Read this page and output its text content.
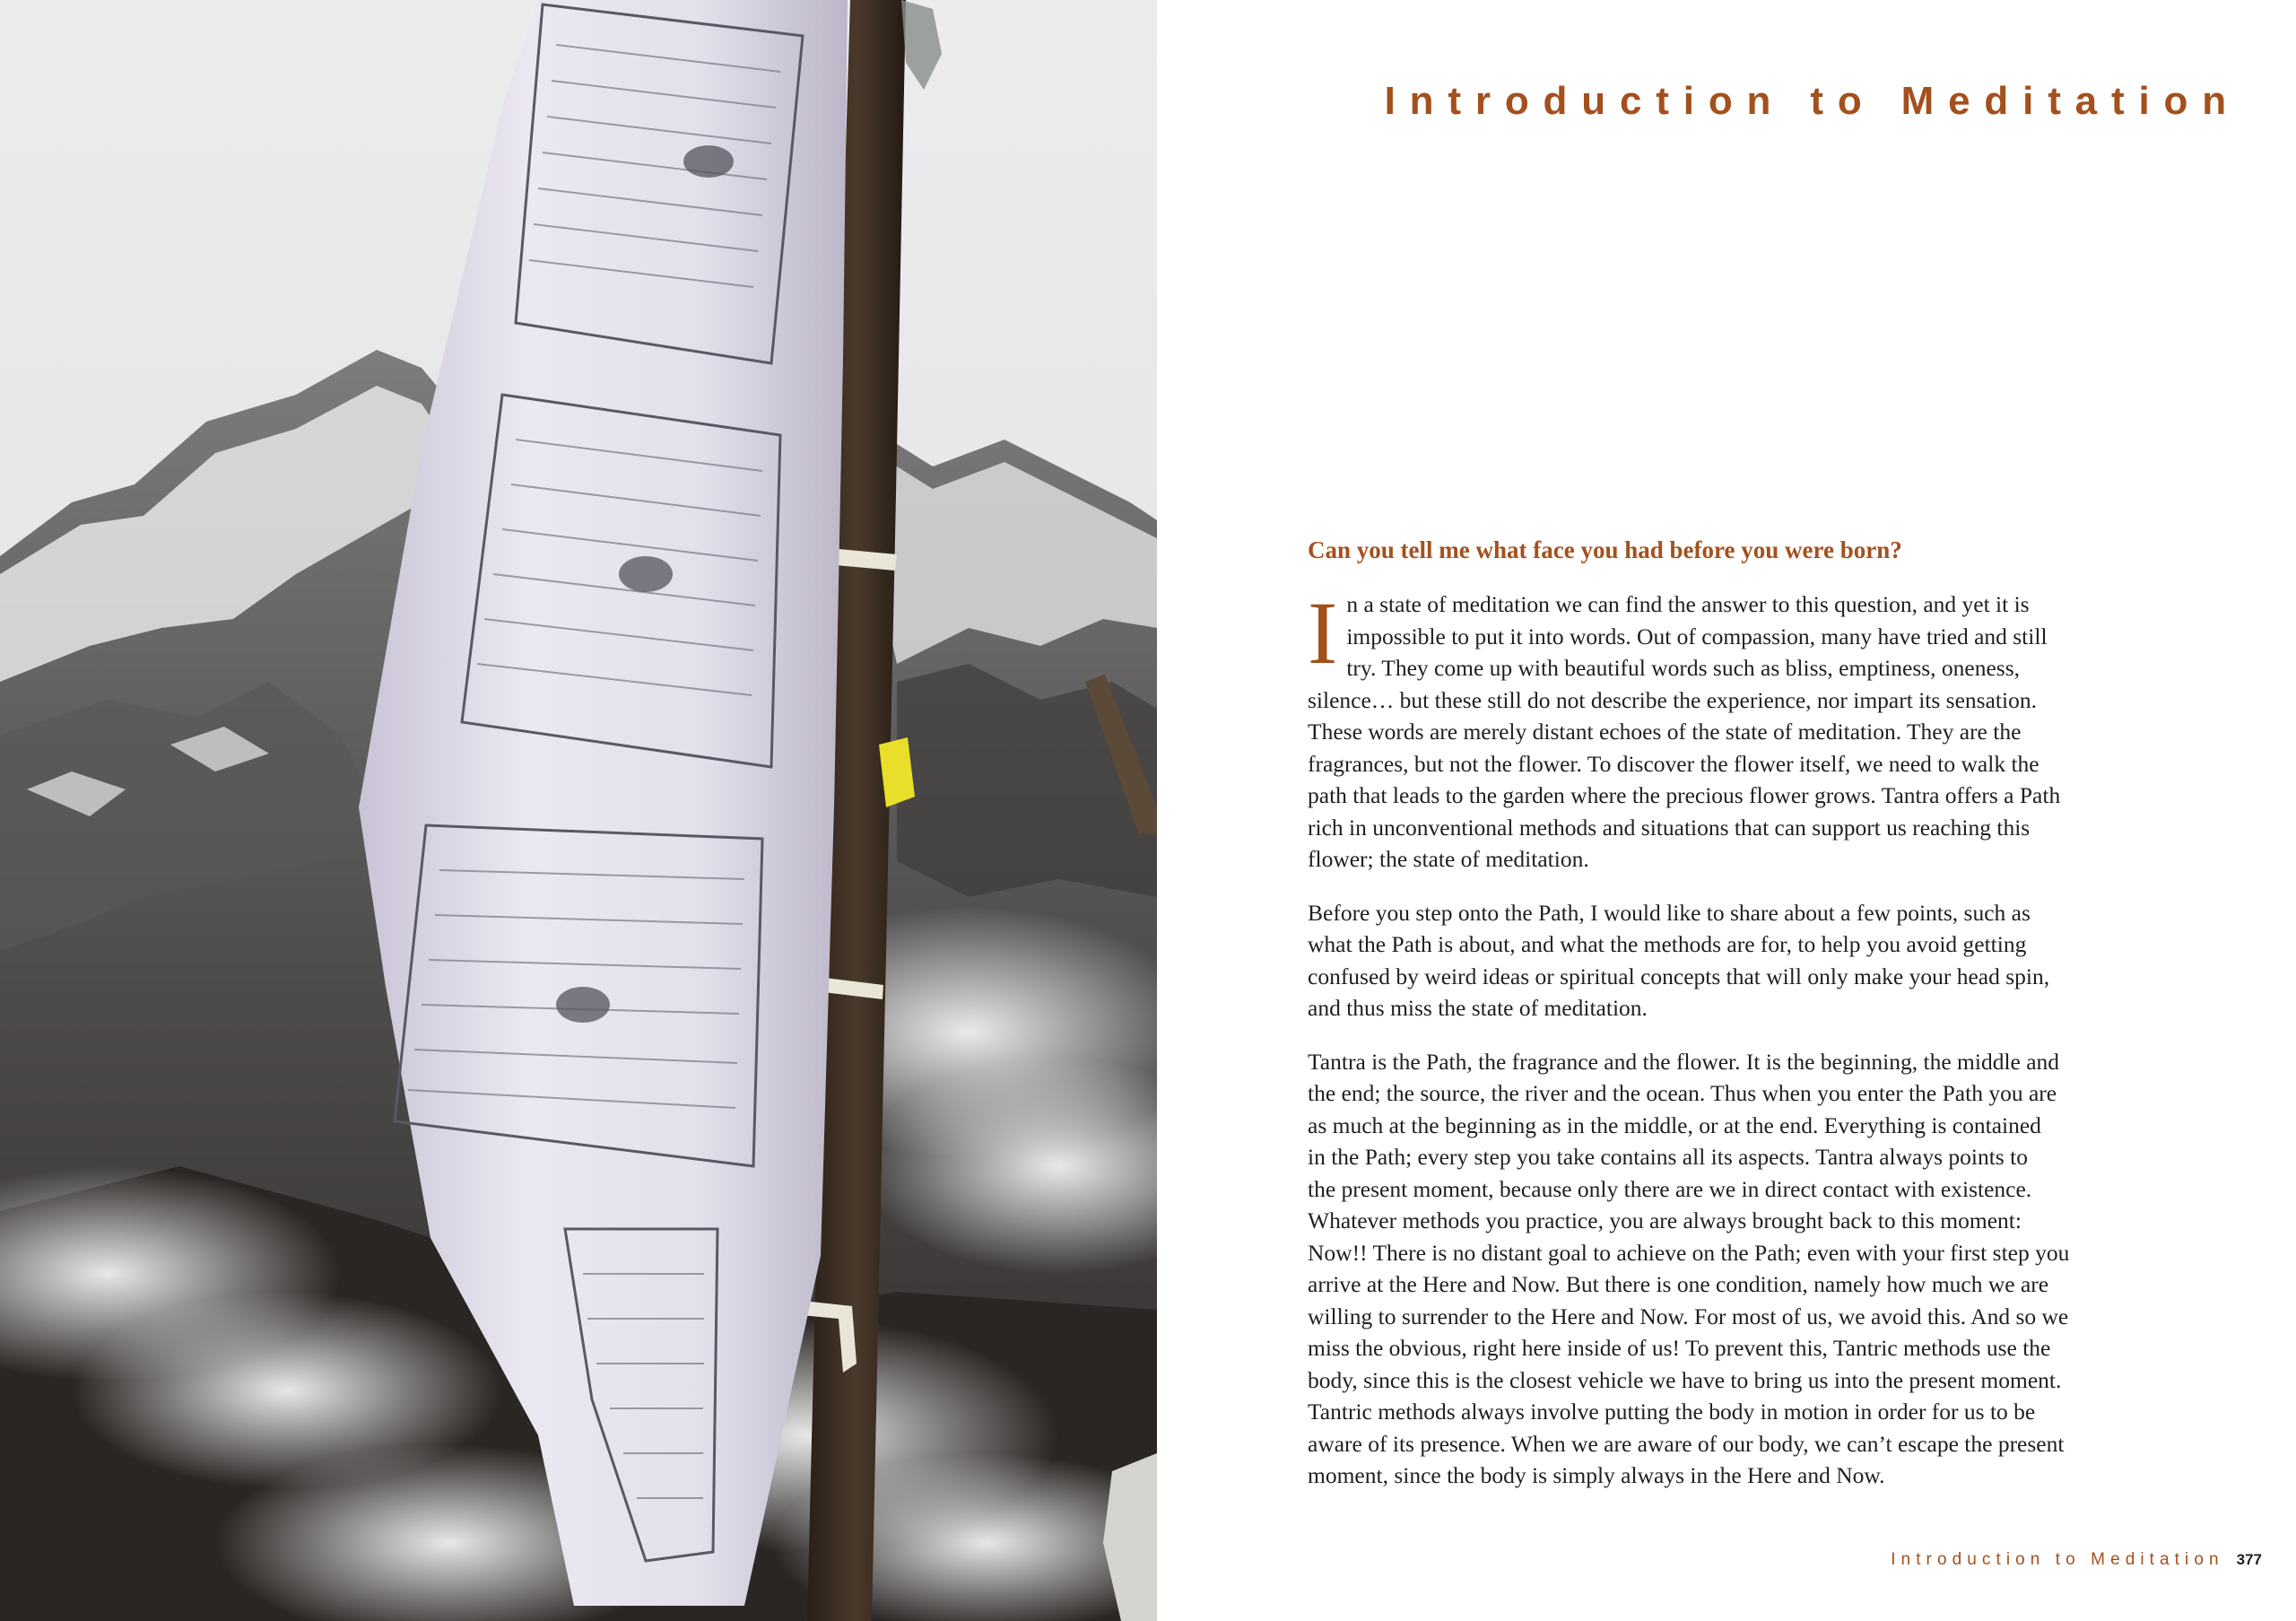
Introduction to Meditation
Can you tell me what face you had before you were born?

In a state of meditation we can find the answer to this question, and yet it is
impossible to put it into words. Out of compassion, many have tried and still
try. They come up with beautiful words such as bliss, emptiness, oneness,
silence… but these still do not describe the experience, nor impart its sensation.
These words are merely distant echoes of the state of meditation. They are the
fragrances, but not the flower. To discover the flower itself, we need to walk the
path that leads to the garden where the precious flower grows. Tantra offers a Path
rich in unconventional methods and situations that can support us reaching this
flower; the state of meditation.

Before you step onto the Path, I would like to share about a few points, such as
what the Path is about, and what the methods are for, to help you avoid getting
confused by weird ideas or spiritual concepts that will only make your head spin,
and thus miss the state of meditation.

Tantra is the Path, the fragrance and the flower. It is the beginning, the middle and
the end; the source, the river and the ocean. Thus when you enter the Path you are
as much at the beginning as in the middle, or at the end. Everything is contained
in the Path; every step you take contains all its aspects. Tantra always points to
the present moment, because only there are we in direct contact with existence.
Whatever methods you practice, you are always brought back to this moment:
Now!! There is no distant goal to achieve on the Path; even with your first step you
arrive at the Here and Now. But there is one condition, namely how much we are
willing to surrender to the Here and Now. For most of us, we avoid this. And so we
miss the obvious, right here inside of us! To prevent this, Tantric methods use the
body, since this is the closest vehicle we have to bring us into the present moment.
Tantric methods always involve putting the body in motion in order for us to be
aware of its presence. When we are aware of our body, we can’t escape the present
moment, since the body is simply always in the Here and Now.

Introduction to Meditation 377
